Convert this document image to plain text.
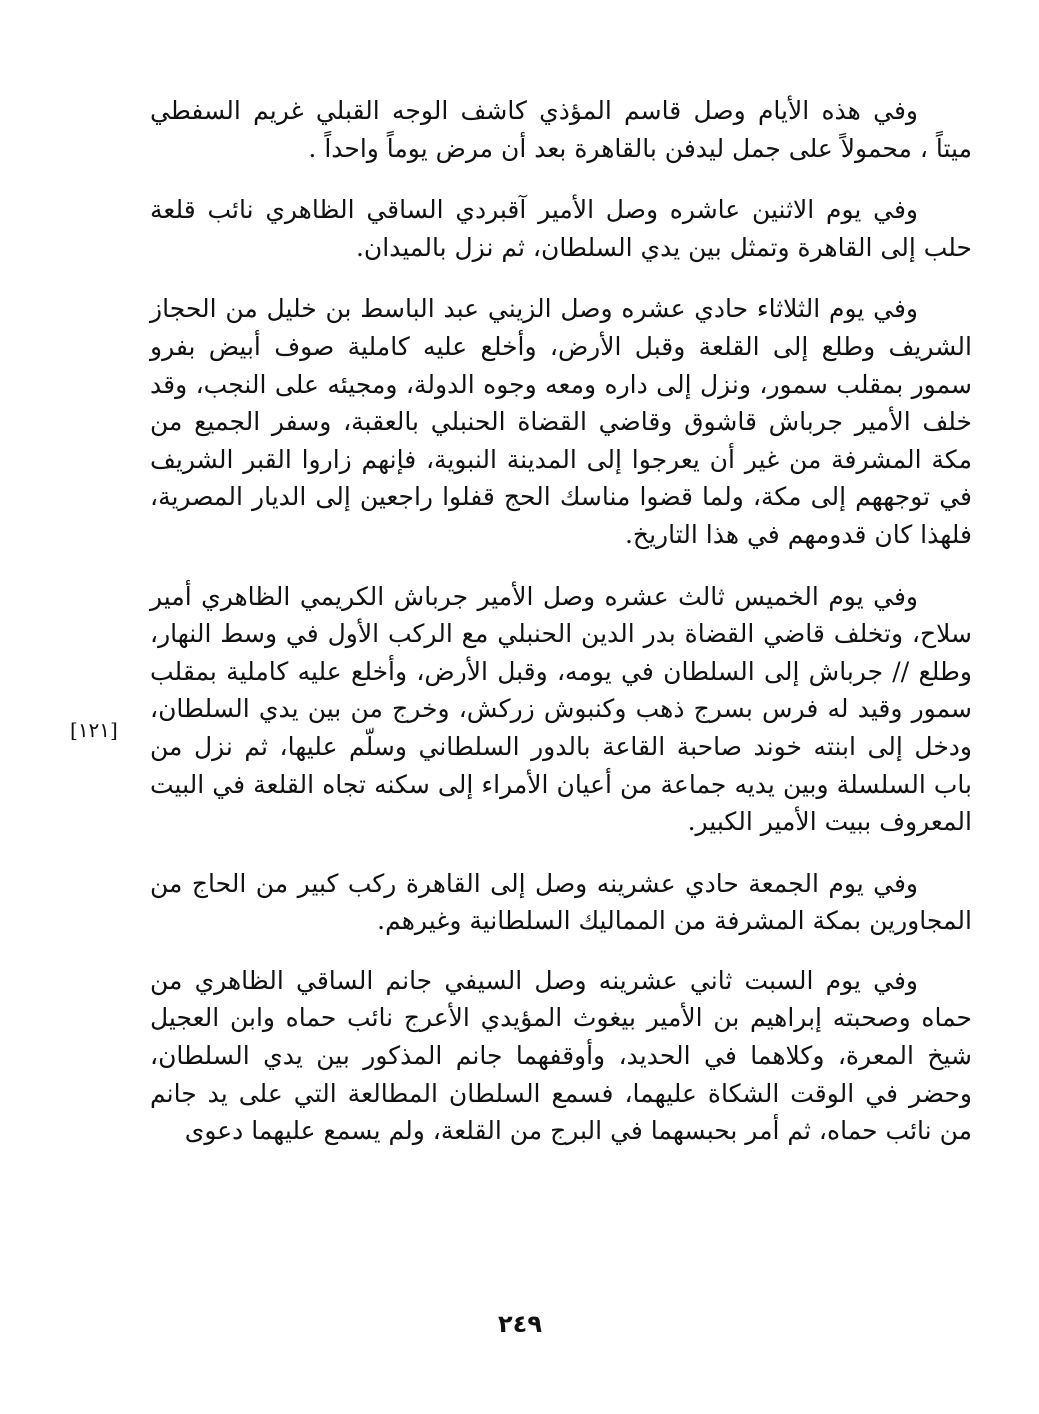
وفي هذه الأيام وصل قاسم المؤذي كاشف الوجه القبلي غريم السفطي ميتاً ، محمولاً على جمل ليدفن بالقاهرة بعد أن مرض يوماً واحداً .

وفي يوم الاثنين عاشره وصل الأمير آقبردي الساقي الظاهري نائب قلعة حلب إلى القاهرة وتمثل بين يدي السلطان، ثم نزل بالميدان.

وفي يوم الثلاثاء حادي عشره وصل الزيني عبد الباسط بن خليل من الحجاز الشريف وطلع إلى القلعة وقبل الأرض، وأخلع عليه كاملية صوف أبيض بفرو سمور بمقلب سمور، ونزل إلى داره ومعه وجوه الدولة، ومجيئه على النجب، وقد خلف الأمير جرباش قاشوق وقاضي القضاة الحنبلي بالعقبة، وسفر الجميع من مكة المشرفة من غير أن يعرجوا إلى المدينة النبوية، فإنهم زاروا القبر الشريف في توجههم إلى مكة، ولما قضوا مناسك الحج قفلوا راجعين إلى الديار المصرية، فلهذا كان قدومهم في هذا التاريخ.

وفي يوم الخميس ثالث عشره وصل الأمير جرباش الكريمي الظاهري أمير سلاح، وتخلف قاضي القضاة بدر الدين الحنبلي مع الركب الأول في وسط النهار، وطلع // جرباش إلى السلطان في يومه، وقبل الأرض، وأخلع عليه كاملية بمقلب سمور وقيد له فرس بسرج ذهب وكنبوش زركش، وخرج من بين يدي السلطان، ودخل إلى ابنته خوند صاحبة القاعة بالدور السلطاني وسلّم عليها، ثم نزل من باب السلسلة وبين يديه جماعة من أعيان الأمراء إلى سكنه تجاه القلعة في البيت المعروف ببيت الأمير الكبير.

وفي يوم الجمعة حادي عشرينه وصل إلى القاهرة ركب كبير من الحاج من المجاورين بمكة المشرفة من المماليك السلطانية وغيرهم.

وفي يوم السبت ثاني عشرينه وصل السيفي جانم الساقي الظاهري من حماه وصحبته إبراهيم بن الأمير بيغوث المؤيدي الأعرج نائب حماه وابن العجيل شيخ المعرة، وكلاهما في الحديد، وأوقفهما جانم المذكور بين يدي السلطان، وحضر في الوقت الشكاة عليهما، فسمع السلطان المطالعة التي على يد جانم من نائب حماه، ثم أمر بحبسهما في البرج من القلعة، ولم يسمع عليهما دعوى

[١٢١]
٢٤٩
